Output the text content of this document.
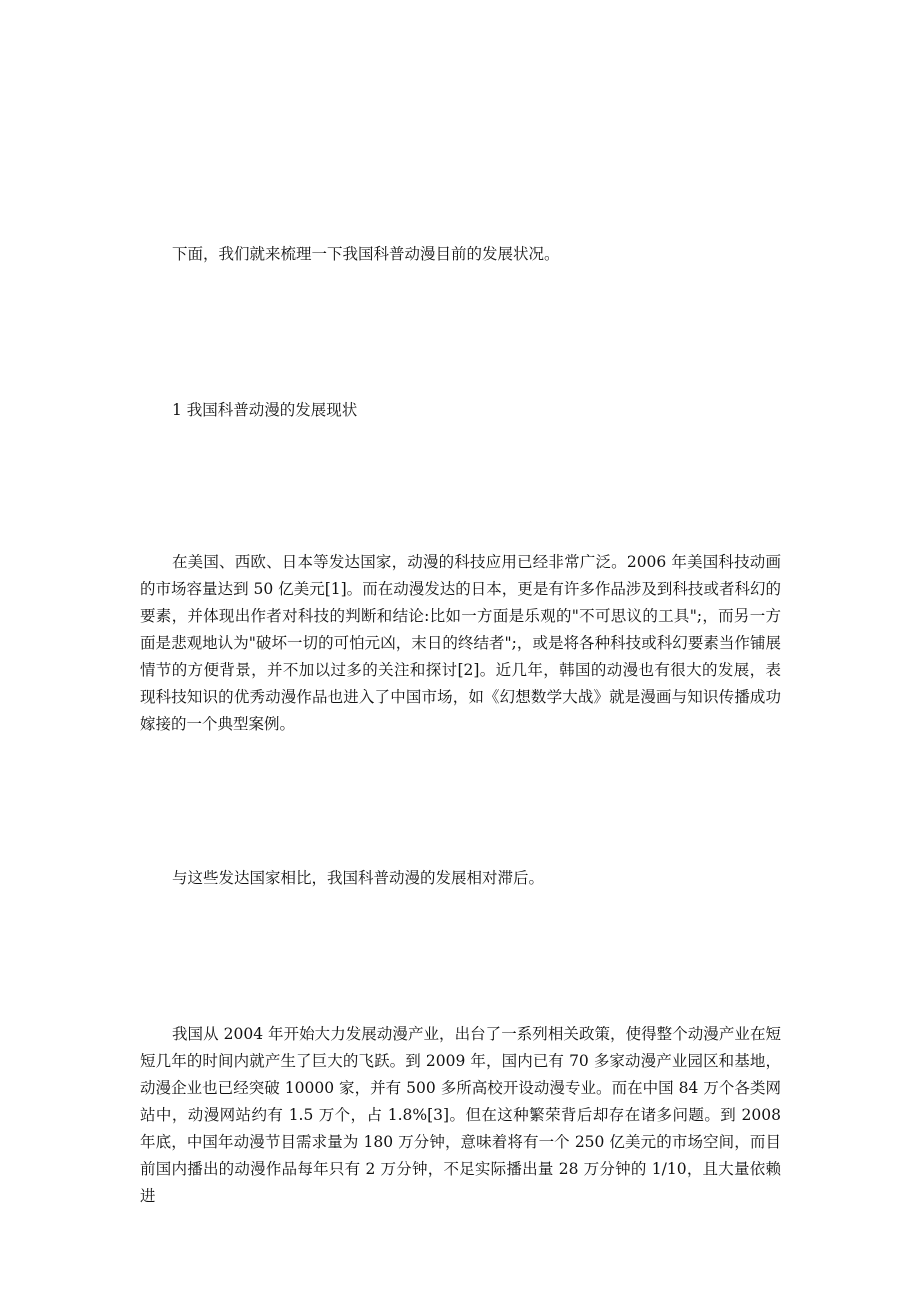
下面，我们就来梳理一下我国科普动漫目前的发展状况。

1 我国科普动漫的发展现状

在美国、西欧、日本等发达国家，动漫的科技应用已经非常广泛。2006 年美国科技动画的市场容量达到 50 亿美元[1]。而在动漫发达的日本，更是有许多作品涉及到科技或者科幻的要素，并体现出作者对科技的判断和结论:比如一方面是乐观的"不可思议的工具";，而另一方面是悲观地认为"破坏一切的可怕元凶，末日的终结者";，或是将各种科技或科幻要素当作铺展情节的方便背景，并不加以过多的关注和探讨[2]。近几年，韩国的动漫也有很大的发展，表现科技知识的优秀动漫作品也进入了中国市场，如《幻想数学大战》就是漫画与知识传播成功嫁接的一个典型案例。

与这些发达国家相比，我国科普动漫的发展相对滞后。

我国从 2004 年开始大力发展动漫产业，出台了一系列相关政策，使得整个动漫产业在短短几年的时间内就产生了巨大的飞跃。到 2009 年，国内已有 70 多家动漫产业园区和基地，动漫企业也已经突破 10000 家，并有 500 多所高校开设动漫专业。而在中国 84 万个各类网站中，动漫网站约有 1.5 万个，占 1.8%[3]。但在这种繁荣背后却存在诸多问题。到 2008 年底，中国年动漫节目需求量为 180 万分钟，意味着将有一个 250 亿美元的市场空间，而目前国内播出的动漫作品每年只有 2 万分钟，不足实际播出量 28 万分钟的 1/10，且大量依赖进
